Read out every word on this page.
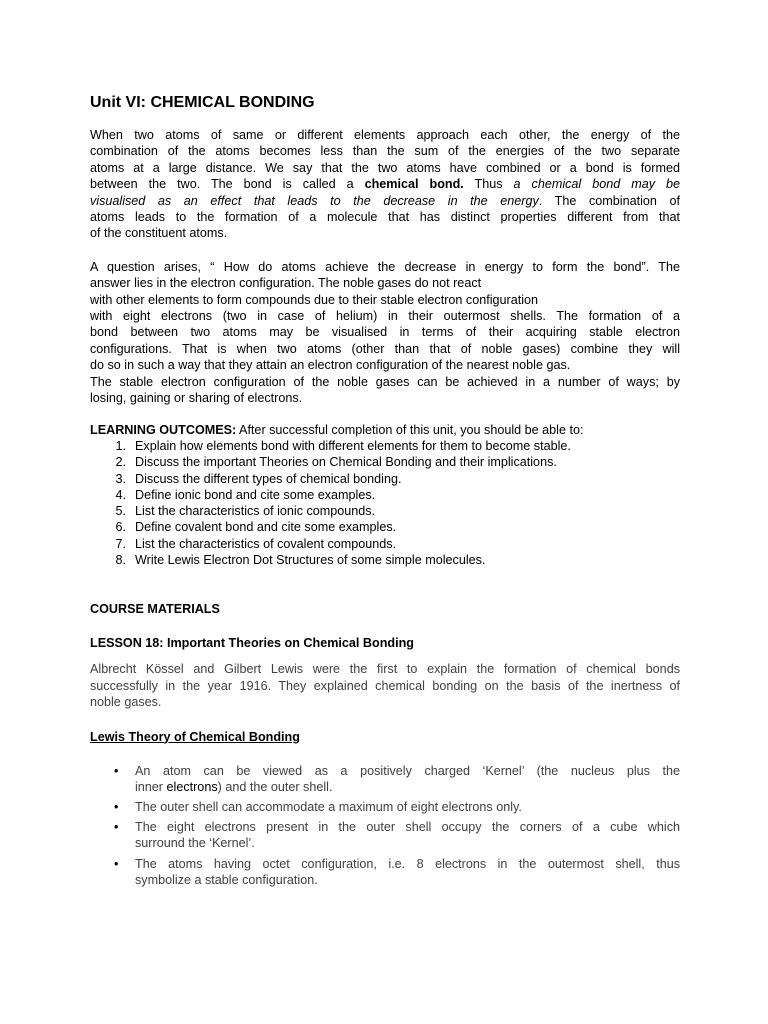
Unit VI: CHEMICAL BONDING
When two atoms of same or different elements approach each other, the energy of the
combination of the atoms becomes less than the sum of the energies of the two separate
atoms at a large distance. We say that the two atoms have combined or a bond is formed
between the two. The bond is called a chemical bond. Thus a chemical bond may be
visualised as an effect that leads to the decrease in the energy. The combination of
atoms leads to the formation of a molecule that has distinct properties different from that
of the constituent atoms.
A question arises, “ How do atoms achieve the decrease in energy to form the bond”. The
answer lies in the electron configuration. The noble gases do not react
with other elements to form compounds due to their stable electron configuration
with eight electrons (two in case of helium) in their outermost shells. The formation of a
bond between two atoms may be visualised in terms of their acquiring stable electron
configurations. That is when two atoms (other than that of noble gases) combine they will
do so in such a way that they attain an electron configuration of the nearest noble gas.
The stable electron configuration of the noble gases can be achieved in a number of ways; by
losing, gaining or sharing of electrons.
LEARNING OUTCOMES: After successful completion of this unit, you should be able to:
1. Explain how elements bond with different elements for them to become stable.
2. Discuss the important Theories on Chemical Bonding and their implications.
3. Discuss the different types of chemical bonding.
4. Define ionic bond and cite some examples.
5. List the characteristics of ionic compounds.
6. Define covalent bond and cite some examples.
7. List the characteristics of covalent compounds.
8. Write Lewis Electron Dot Structures of some simple molecules.
COURSE MATERIALS
LESSON 18: Important Theories on Chemical Bonding
Albrecht Kössel and Gilbert Lewis were the first to explain the formation of chemical bonds
successfully in the year 1916. They explained chemical bonding on the basis of the inertness of
noble gases.
Lewis Theory of Chemical Bonding
• An atom can be viewed as a positively charged ‘Kernel’ (the nucleus plus the
inner electrons) and the outer shell.
• The outer shell can accommodate a maximum of eight electrons only.
• The eight electrons present in the outer shell occupy the corners of a cube which
surround the ‘Kernel’.
• The atoms having octet configuration, i.e. 8 electrons in the outermost shell, thus
symbolize a stable configuration.
